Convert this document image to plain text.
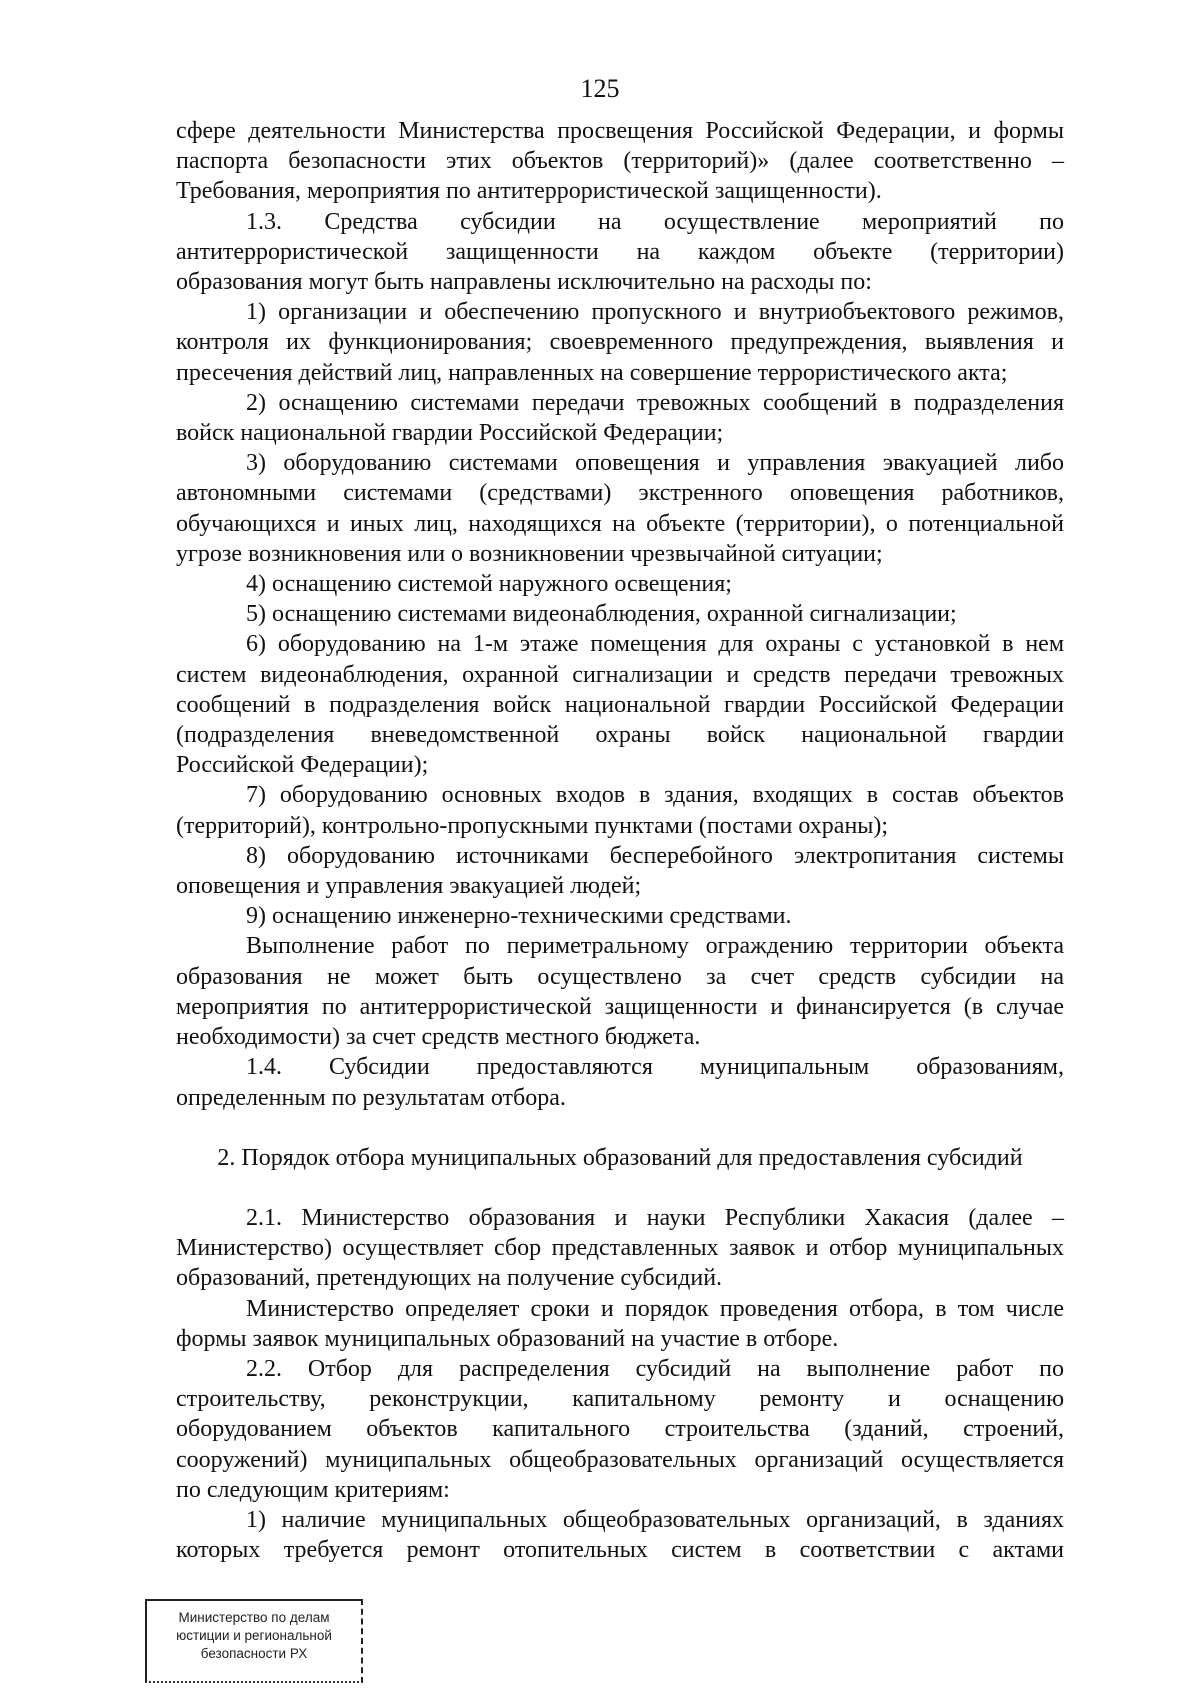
125

сфере деятельности Министерства просвещения Российской Федерации, и формы
паспорта безопасности этих объектов (территорий)» (далее соответственно –
Требования, мероприятия по антитеррористической защищенности).

1.3. Средства субсидии на осуществление мероприятий по
антитеррористической защищенности на каждом объекте (территории)
образования могут быть направлены исключительно на расходы по:

1) организации и обеспечению пропускного и внутриобъектового режимов,
контроля их функционирования; своевременного предупреждения, выявления и
пресечения действий лиц, направленных на совершение террористического акта;

2) оснащению системами передачи тревожных сообщений в подразделения
войск национальной гвардии Российской Федерации;

3) оборудованию системами оповещения и управления эвакуацией либо
автономными системами (средствами) экстренного оповещения работников,
обучающихся и иных лиц, находящихся на объекте (территории), о потенциальной
угрозе возникновения или о возникновении чрезвычайной ситуации;

4) оснащению системой наружного освещения;

5) оснащению системами видеонаблюдения, охранной сигнализации;

6) оборудованию на 1-м этаже помещения для охраны с установкой в нем
систем видеонаблюдения, охранной сигнализации и средств передачи тревожных
сообщений в подразделения войск национальной гвардии Российской Федерации
(подразделения вневедомственной охраны войск национальной гвардии
Российской Федерации);

7) оборудованию основных входов в здания, входящих в состав объектов
(территорий), контрольно-пропускными пунктами (постами охраны);

8) оборудованию источниками бесперебойного электропитания системы
оповещения и управления эвакуацией людей;

9) оснащению инженерно-техническими средствами.

Выполнение работ по периметральному ограждению территории объекта
образования не может быть осуществлено за счет средств субсидии на
мероприятия по антитеррористической защищенности и финансируется (в случае
необходимости) за счет средств местного бюджета.

1.4. Субсидии предоставляются муниципальным образованиям,
определенным по результатам отбора.

2. Порядок отбора муниципальных образований для предоставления субсидий

2.1. Министерство образования и науки Республики Хакасия (далее –
Министерство) осуществляет сбор представленных заявок и отбор муниципальных
образований, претендующих на получение субсидий.

Министерство определяет сроки и порядок проведения отбора, в том числе
формы заявок муниципальных образований на участие в отборе.

2.2. Отбор для распределения субсидий на выполнение работ по
строительству, реконструкции, капитальному ремонту и оснащению
оборудованием объектов капитального строительства (зданий, строений,
сооружений) муниципальных общеобразовательных организаций осуществляется
по следующим критериям:

1) наличие муниципальных общеобразовательных организаций, в зданиях
которых требуется ремонт отопительных систем в соответствии с актами

Министерство по делам
юстиции и региональной
безопасности РХ
